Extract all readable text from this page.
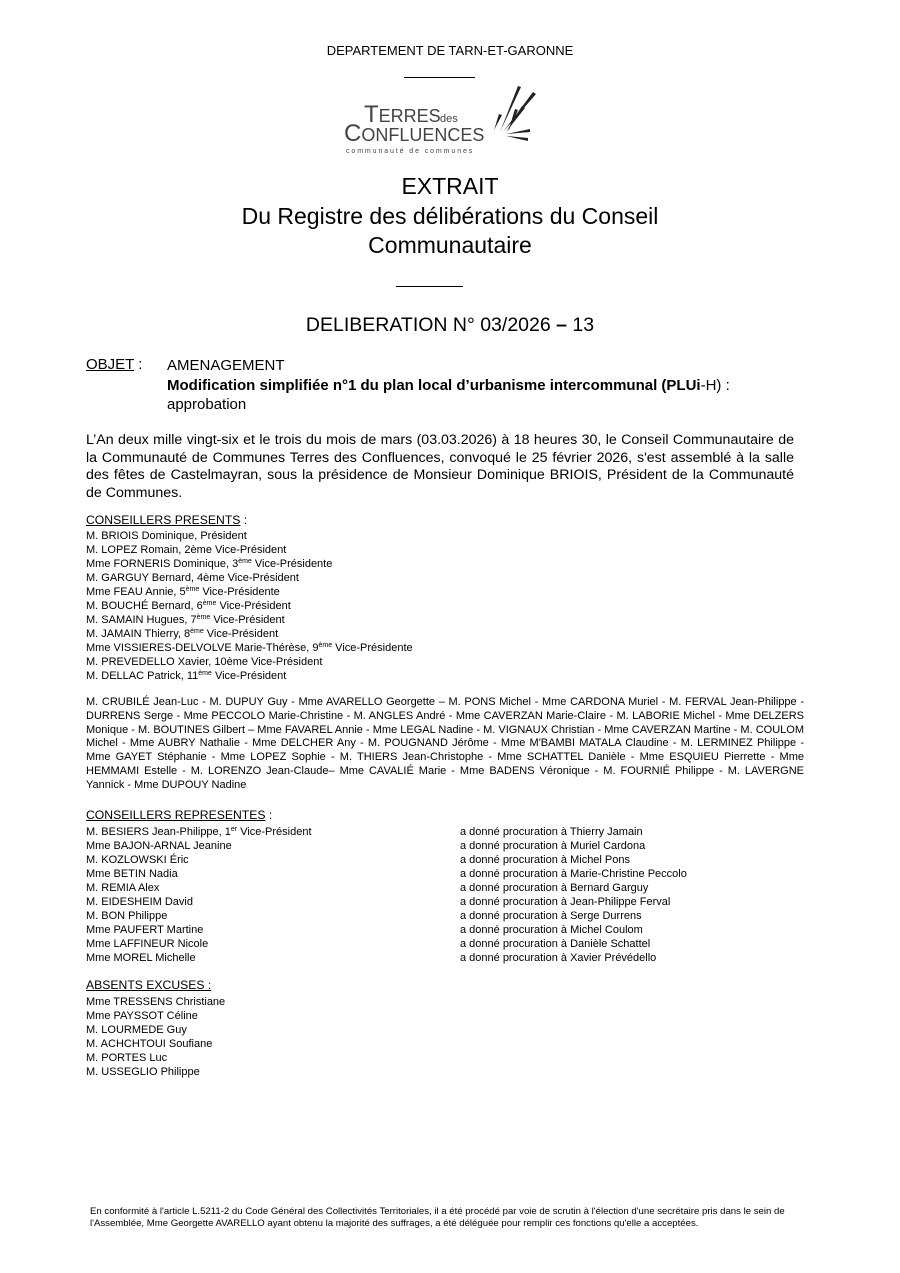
DEPARTEMENT DE TARN-ET-GARONNE
TERRES des
CONFLUENCES
communauté de communes
EXTRAIT
Du Registre des délibérations du Conseil
Communautaire
DELIBERATION N° 03/2026 – 13
OBJET : AMENAGEMENT
Modification simplifiée n°1 du plan local d’urbanisme intercommunal (PLUi-H) :
approbation
L’An deux mille vingt-six et le trois du mois de mars (03.03.2026) à 18 heures 30, le Conseil Communautaire de la Communauté de Communes Terres des Confluences, convoqué le 25 février 2026, s'est assemblé à la salle des fêtes de Castelmayran, sous la présidence de Monsieur Dominique BRIOIS, Président de la Communauté de Communes.
CONSEILLERS PRESENTS :
M. BRIOIS Dominique, Président
M. LOPEZ Romain, 2ème Vice-Président
Mme FORNERIS Dominique, 3ème Vice-Présidente
M. GARGUY Bernard, 4ème Vice-Président
Mme FEAU Annie, 5ème Vice-Présidente
M. BOUCHÉ Bernard, 6ème Vice-Président
M. SAMAIN Hugues, 7ème Vice-Président
M. JAMAIN Thierry, 8ème Vice-Président
Mme VISSIERES-DELVOLVE Marie-Thérèse, 9ème Vice-Présidente
M. PREVEDELLO Xavier, 10ème Vice-Président
M. DELLAC Patrick, 11ème Vice-Président
M. CRUBILÉ Jean-Luc - M. DUPUY Guy - Mme AVARELLO Georgette – M. PONS Michel - Mme CARDONA Muriel - M. FERVAL Jean-Philippe - DURRENS Serge - Mme PECCOLO Marie-Christine - M. ANGLES André - Mme CAVERZAN Marie-Claire - M. LABORIE Michel - Mme DELZERS Monique - M. BOUTINES Gilbert – Mme FAVAREL Annie - Mme LEGAL Nadine - M. VIGNAUX Christian - Mme CAVERZAN Martine - M. COULOM Michel - Mme AUBRY Nathalie - Mme DELCHER Any - M. POUGNAND Jérôme - Mme M'BAMBI MATALA Claudine - M. LERMINEZ Philippe - Mme GAYET Stéphanie - Mme LOPEZ Sophie - M. THIERS Jean-Christophe - Mme SCHATTEL Danièle - Mme ESQUIEU Pierrette - Mme HEMMAMI Estelle - M. LORENZO Jean-Claude– Mme CAVALIÉ Marie - Mme BADENS Véronique - M. FOURNIÉ Philippe - M. LAVERGNE Yannick - Mme DUPOUY Nadine
CONSEILLERS REPRESENTES :
M. BESIERS Jean-Philippe, 1er Vice-Président
Mme BAJON-ARNAL Jeanine
M. KOZLOWSKI Éric
Mme BETIN Nadia
M. REMIA Alex
M. EIDESHEIM David
M. BON Philippe
Mme PAUFERT Martine
Mme LAFFINEUR Nicole
Mme MOREL Michelle
a donné procuration à Thierry Jamain
a donné procuration à Muriel Cardona
a donné procuration à Michel Pons
a donné procuration à Marie-Christine Peccolo
a donné procuration à Bernard Garguy
a donné procuration à Jean-Philippe Ferval
a donné procuration à Serge Durrens
a donné procuration à Michel Coulom
a donné procuration à Danièle Schattel
a donné procuration à Xavier Prévédello
ABSENTS EXCUSES :
Mme TRESSENS Christiane
Mme PAYSSOT Céline
M. LOURMEDE Guy
M. ACHCHTOUI Soufiane
M. PORTES Luc
M. USSEGLIO Philippe
En conformité à l'article L.5211-2 du Code Général des Collectivités Territoriales, il a été procédé par voie de scrutin à l'élection d'une secrétaire pris dans le sein de l'Assemblée, Mme Georgette AVARELLO ayant obtenu la majorité des suffrages, a été déléguée pour remplir ces fonctions qu'elle a acceptées.
